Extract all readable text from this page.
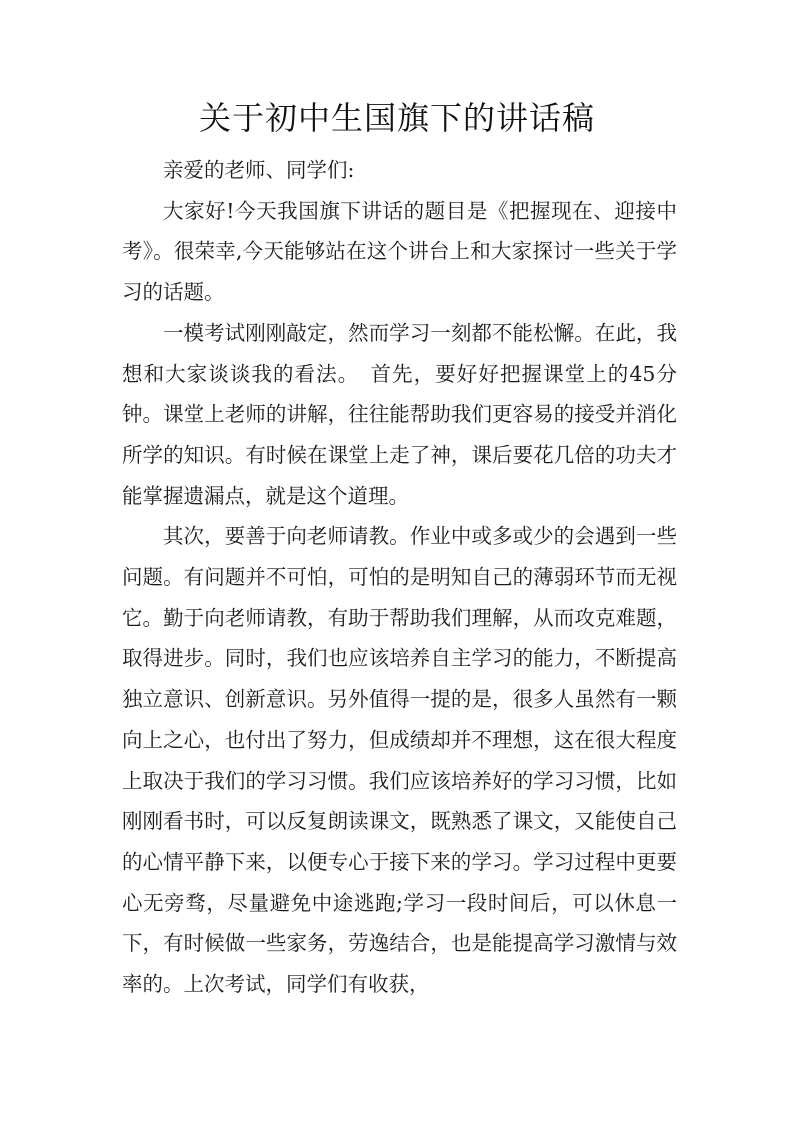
关于初中生国旗下的讲话稿

亲爱的老师、同学们:

大家好!今天我国旗下讲话的题目是《把握现在、迎接中考》。很荣幸,今天能够站在这个讲台上和大家探讨一些关于学习的话题。

一模考试刚刚敲定，然而学习一刻都不能松懈。在此，我想和大家谈谈我的看法。　首先，要好好把握课堂上的45分钟。课堂上老师的讲解，往往能帮助我们更容易的接受并消化所学的知识。有时候在课堂上走了神，课后要花几倍的功夫才能掌握遗漏点，就是这个道理。

其次，要善于向老师请教。作业中或多或少的会遇到一些问题。有问题并不可怕，可怕的是明知自己的薄弱环节而无视它。勤于向老师请教，有助于帮助我们理解，从而攻克难题，取得进步。同时，我们也应该培养自主学习的能力，不断提高独立意识、创新意识。另外值得一提的是，很多人虽然有一颗向上之心，也付出了努力，但成绩却并不理想，这在很大程度上取决于我们的学习习惯。我们应该培养好的学习习惯，比如刚刚看书时，可以反复朗读课文，既熟悉了课文，又能使自己的心情平静下来，以便专心于接下来的学习。学习过程中更要心无旁骛，尽量避免中途逃跑;学习一段时间后，可以休息一下，有时候做一些家务，劳逸结合，也是能提高学习激情与效率的。上次考试，同学们有收获，
